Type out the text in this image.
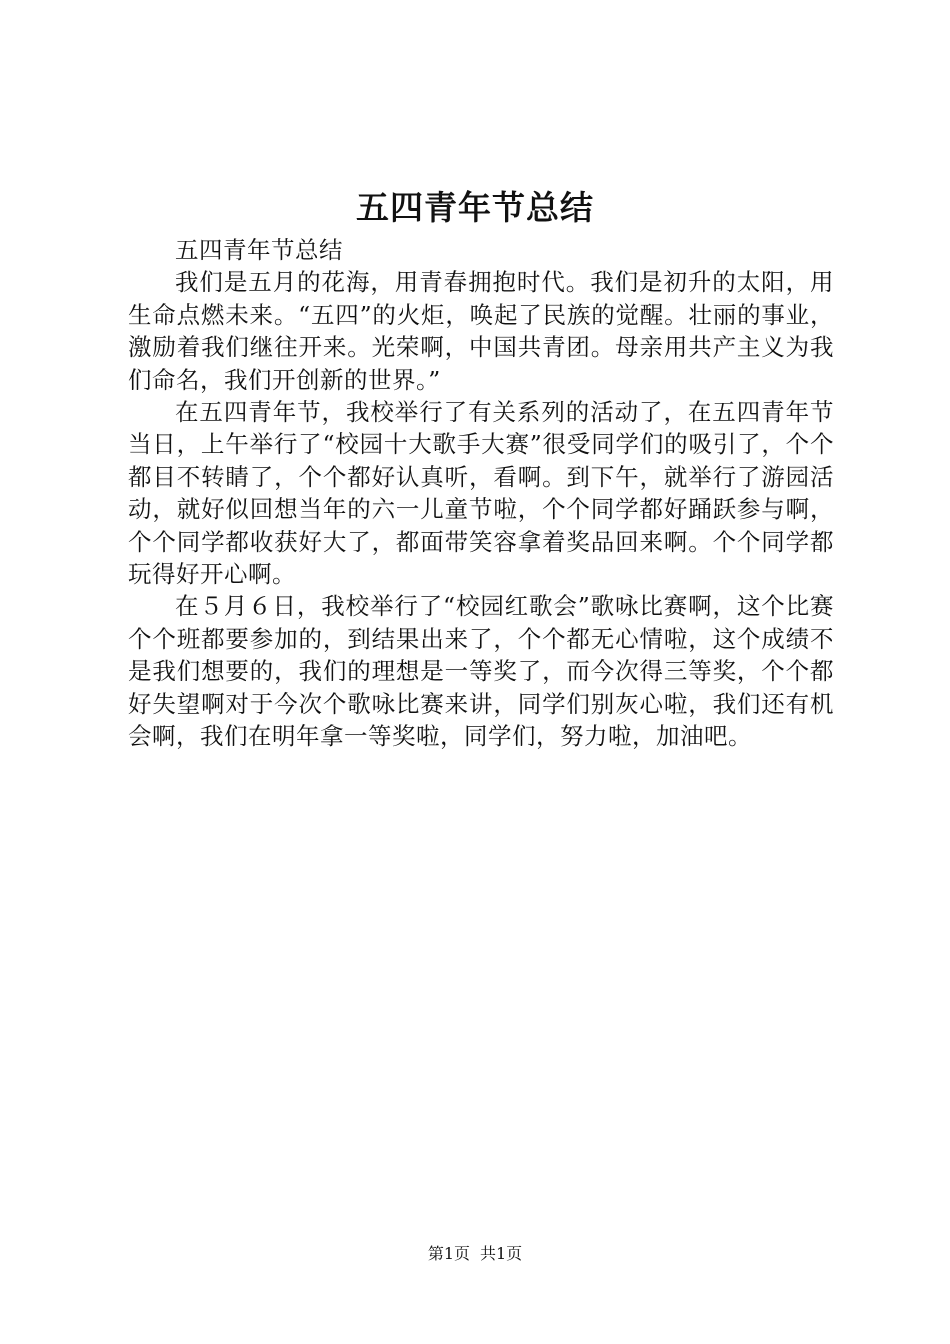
五四青年节总结

五四青年节总结

我们是五月的花海，用青春拥抱时代。我们是初升的太阳，用生命点燃未来。“五四”的火炬，唤起了民族的觉醒。壮丽的事业，激励着我们继往开来。光荣啊，中国共青团。母亲用共产主义为我们命名，我们开创新的世界。”

在五四青年节，我校举行了有关系列的活动了，在五四青年节当日，上午举行了“校园十大歌手大赛”很受同学们的吸引了，个个都目不转睛了，个个都好认真听，看啊。到下午，就举行了游园活动，就好似回想当年的六一儿童节啦，个个同学都好踊跃参与啊，个个同学都收获好大了，都面带笑容拿着奖品回来啊。个个同学都玩得好开心啊。

在５月６日，我校举行了“校园红歌会”歌咏比赛啊，这个比赛个个班都要参加的，到结果出来了，个个都无心情啦，这个成绩不是我们想要的，我们的理想是一等奖了，而今次得三等奖，个个都好失望啊对于今次个歌咏比赛来讲，同学们别灰心啦，我们还有机会啊，我们在明年拿一等奖啦，同学们，努力啦，加油吧。

第1页 共1页
